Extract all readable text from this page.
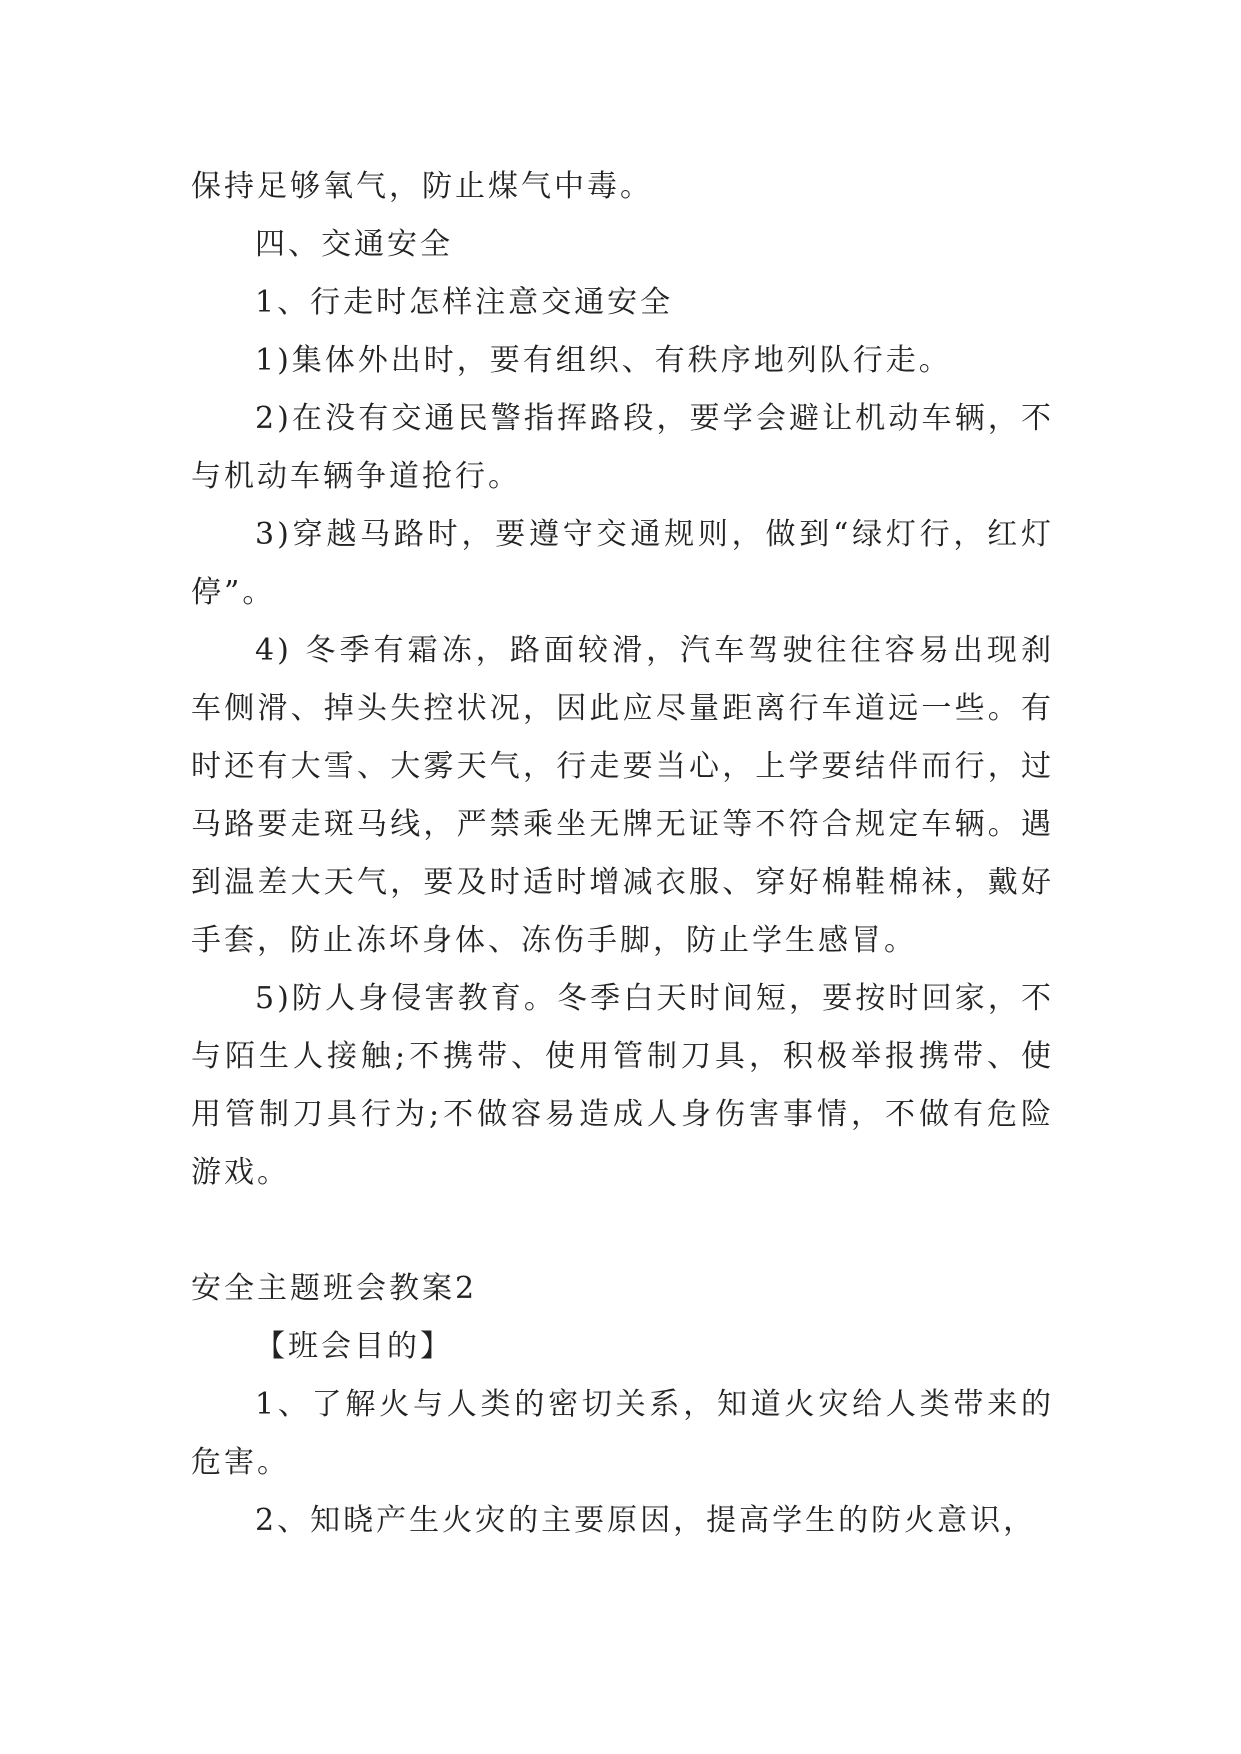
保持足够氧气，防止煤气中毒。

四、交通安全

1、行走时怎样注意交通安全

1)集体外出时，要有组织、有秩序地列队行走。

2)在没有交通民警指挥路段，要学会避让机动车辆，不与机动车辆争道抢行。

3)穿越马路时，要遵守交通规则，做到“绿灯行，红灯停”。

4) 冬季有霜冻，路面较滑，汽车驾驶往往容易出现刹车侧滑、掉头失控状况，因此应尽量距离行车道远一些。有时还有大雪、大雾天气，行走要当心，上学要结伴而行，过马路要走斑马线，严禁乘坐无牌无证等不符合规定车辆。遇到温差大天气，要及时适时增减衣服、穿好棉鞋棉袜，戴好手套，防止冻坏身体、冻伤手脚，防止学生感冒。

5)防人身侵害教育。冬季白天时间短，要按时回家，不与陌生人接触;不携带、使用管制刀具，积极举报携带、使用管制刀具行为;不做容易造成人身伤害事情，不做有危险游戏。

安全主题班会教案2

【班会目的】

1、了解火与人类的密切关系，知道火灾给人类带来的危害。

2、知晓产生火灾的主要原因，提高学生的防火意识，
